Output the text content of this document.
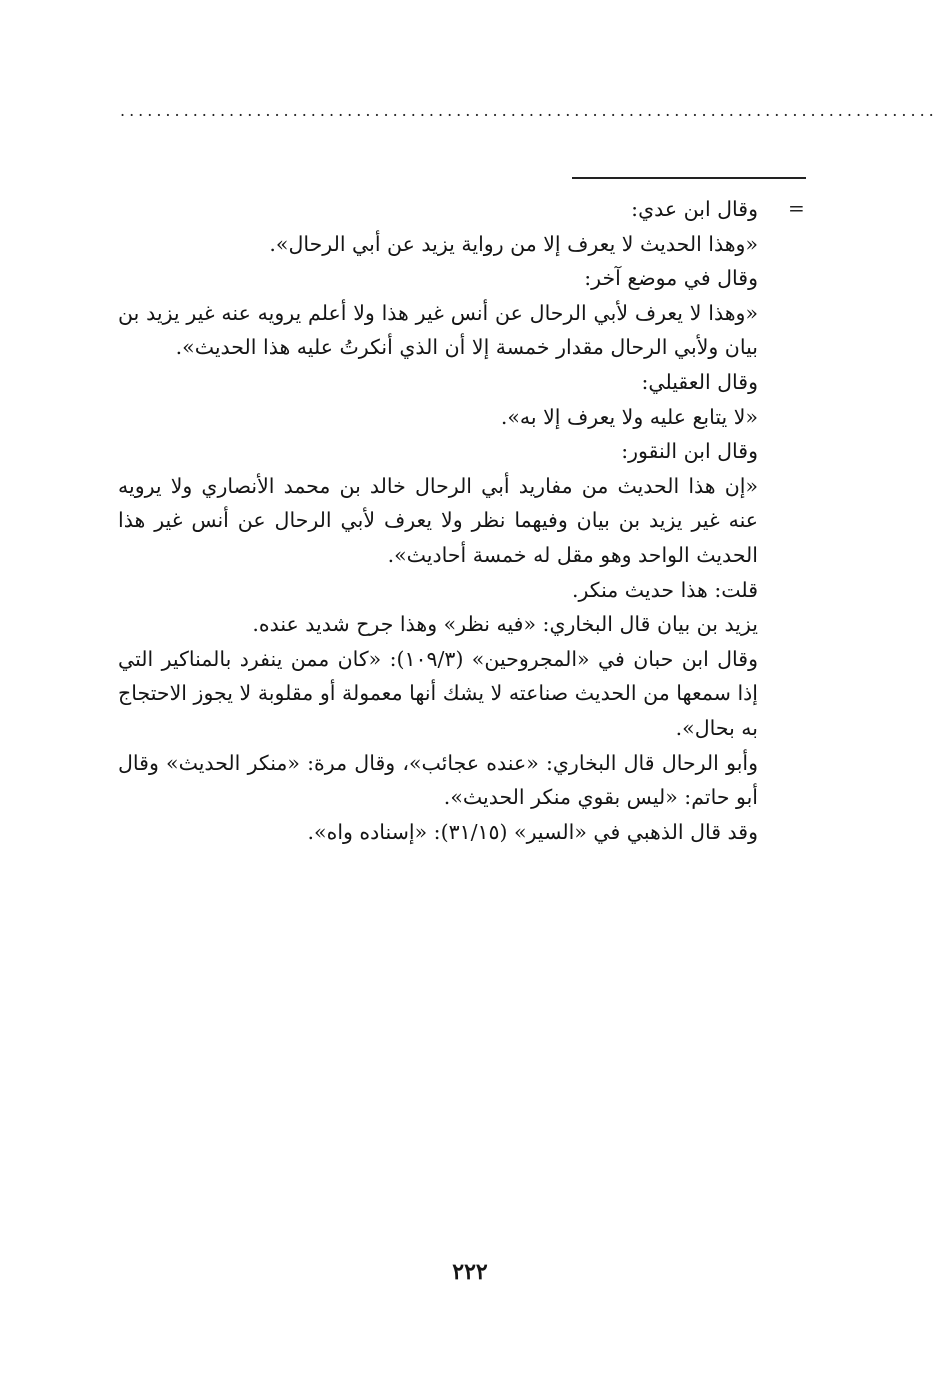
..........................................................................................
=

وقال ابن عدي:

«وهذا الحديث لا يعرف إلا من رواية يزيد عن أبي الرحال».

وقال في موضع آخر:

«وهذا لا يعرف لأبي الرحال عن أنس غير هذا ولا أعلم يرويه عنه غير يزيد بن بيان ولأبي الرحال مقدار خمسة إلا أن الذي أنكرتُ عليه هذا الحديث».

وقال العقيلي:

«لا يتابع عليه ولا يعرف إلا به».

وقال ابن النقور:

«إن هذا الحديث من مفاريد أبي الرحال خالد بن محمد الأنصاري ولا يرويه عنه غير يزيد بن بيان وفيهما نظر ولا يعرف لأبي الرحال عن أنس غير هذا الحديث الواحد وهو مقل له خمسة أحاديث».

قلت: هذا حديث منكر.

يزيد بن بيان قال البخاري: «فيه نظر» وهذا جرح شديد عنده.

وقال ابن حبان في «المجروحين» (١٠٩/٣): «كان ممن ينفرد بالمناكير التي إذا سمعها من الحديث صناعته لا يشك أنها معمولة أو مقلوبة لا يجوز الاحتجاج به بحال».

وأبو الرحال قال البخاري: «عنده عجائب»، وقال مرة: «منكر الحديث» وقال أبو حاتم: «ليس بقوي منكر الحديث».

وقد قال الذهبي في «السير» (٣١/١٥): «إسناده واه».

٢٢٢
